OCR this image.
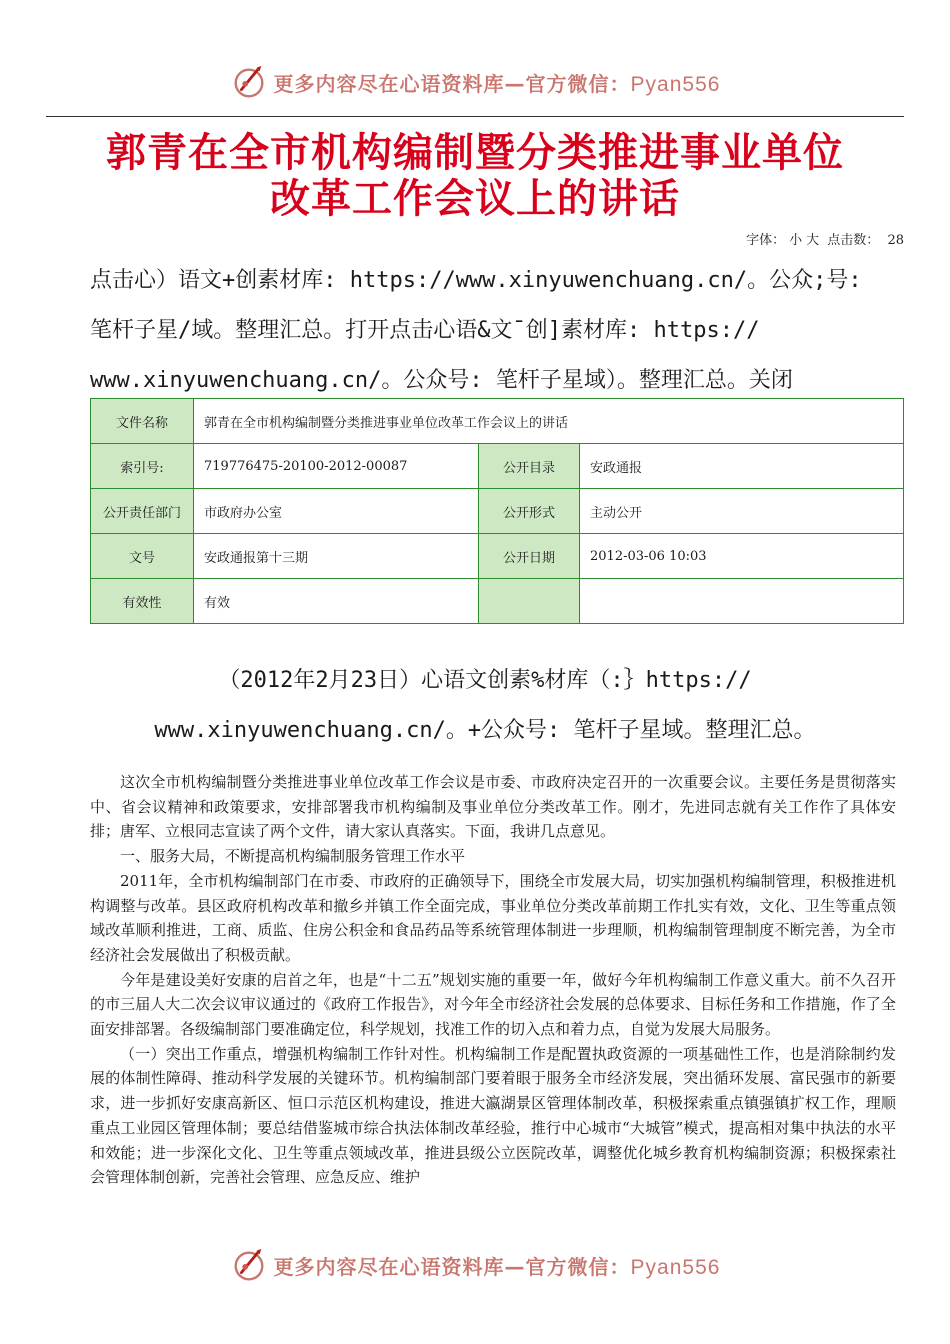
更多内容尽在心语资料库—官方微信：Pyan556
郭青在全市机构编制暨分类推进事业单位
改革工作会议上的讲话
字体： 小 大 点击数： 28
点击心）语文+创素材库: https://www.xinyuwenchuang.cn/。公众;号:
笔杆子星/域。整理汇总。打开点击心语&文¯创]素材库: https://
www.xinyuwenchuang.cn/。公众号: 笔杆子星域）。整理汇总。关闭
文件名称	郭青在全市机构编制暨分类推进事业单位改革工作会议上的讲话		
索引号:	719776475-20100-2012-00087	公开目录	安政通报
公开责任部门	市政府办公室	公开形式	主动公开
文号	安政通报第十三期	公开日期	2012-03-06 10:03
有效性	有效		
（2012年2月23日）心语文创素%材库（:｝https://
www.xinyuwenchuang.cn/。+公众号: 笔杆子星域。整理汇总。

这次全市机构编制暨分类推进事业单位改革工作会议是市委、市政府决定召开的一次重要会议。主要任务是贯彻落实中、省会议精神和政策要求，安排部署我市机构编制及事业单位分类改革工作。刚才，先进同志就有关工作作了具体安排；唐军、立根同志宣读了两个文件，请大家认真落实。下面，我讲几点意见。

一、服务大局，不断提高机构编制服务管理工作水平

2011年，全市机构编制部门在市委、市政府的正确领导下，围绕全市发展大局，切实加强机构编制管理，积极推进机构调整与改革。县区政府机构改革和撤乡并镇工作全面完成，事业单位分类改革前期工作扎实有效，文化、卫生等重点领域改革顺利推进，工商、质监、住房公积金和食品药品等系统管理体制进一步理顺，机构编制管理制度不断完善，为全市经济社会发展做出了积极贡献。

今年是建设美好安康的启首之年，也是“十二五”规划实施的重要一年，做好今年机构编制工作意义重大。前不久召开的市三届人大二次会议审议通过的《政府工作报告》，对今年全市经济社会发展的总体要求、目标任务和工作措施，作了全面安排部署。各级编制部门要准确定位，科学规划，找准工作的切入点和着力点，自觉为发展大局服务。

（一）突出工作重点，增强机构编制工作针对性。机构编制工作是配置执政资源的一项基础性工作，也是消除制约发展的体制性障碍、推动科学发展的关键环节。机构编制部门要着眼于服务全市经济发展，突出循环发展、富民强市的新要求，进一步抓好安康高新区、恒口示范区机构建设，推进大瀛湖景区管理体制改革，积极探索重点镇强镇扩权工作，理顺重点工业园区管理体制；要总结借鉴城市综合执法体制改革经验，推行中心城市“大城管”模式，提高相对集中执法的水平和效能；进一步深化文化、卫生等重点领域改革，推进县级公立医院改革，调整优化城乡教育机构编制资源；积极探索社会管理体制创新，完善社会管理、应急反应、维护

更多内容尽在心语资料库—官方微信：Pyan556
